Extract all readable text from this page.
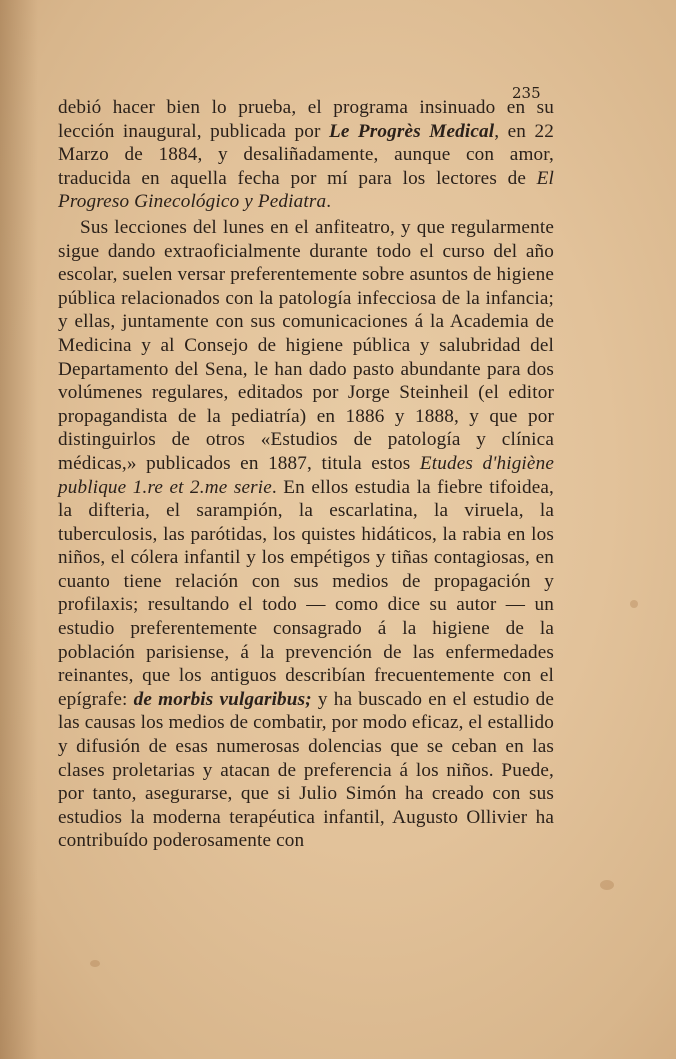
235

debió hacer bien lo prueba, el programa insinuado en su lección inaugural, publicada por Le Progrès Medical, en 22 Marzo de 1884, y desaliñadamente, aunque con amor, traducida en aquella fecha por mí para los lectores de El Progreso Ginecológico y Pediatra.

Sus lecciones del lunes en el anfiteatro, y que regularmente sigue dando extraoficialmente durante todo el curso del año escolar, suelen versar preferentemente sobre asuntos de higiene pública relacionados con la patología infecciosa de la infancia; y ellas, juntamente con sus comunicaciones á la Academia de Medicina y al Consejo de higiene pública y salubridad del Departamento del Sena, le han dado pasto abundante para dos volúmenes regulares, editados por Jorge Steinheil (el editor propagandista de la pediatría) en 1886 y 1888, y que por distinguirlos de otros «Estudios de patología y clínica médicas,» publicados en 1887, titula estos Etudes d'higiène publique 1.re et 2.me serie. En ellos estudia la fiebre tifoidea, la difteria, el sarampión, la escarlatina, la viruela, la tuberculosis, las parótidas, los quistes hidáticos, la rabia en los niños, el cólera infantil y los empétigos y tiñas contagiosas, en cuanto tiene relación con sus medios de propagación y profilaxis; resultando el todo — como dice su autor — un estudio preferentemente consagrado á la higiene de la población parisiense, á la prevención de las enfermedades reinantes, que los antiguos describían frecuentemente con el epígrafe: de morbis vulgaribus; y ha buscado en el estudio de las causas los medios de combatir, por modo eficaz, el estallido y difusión de esas numerosas dolencias que se ceban en las clases proletarias y atacan de preferencia á los niños. Puede, por tanto, asegurarse, que si Julio Simón ha creado con sus estudios la moderna terapéutica infantil, Augusto Ollivier ha contribuído poderosamente con
